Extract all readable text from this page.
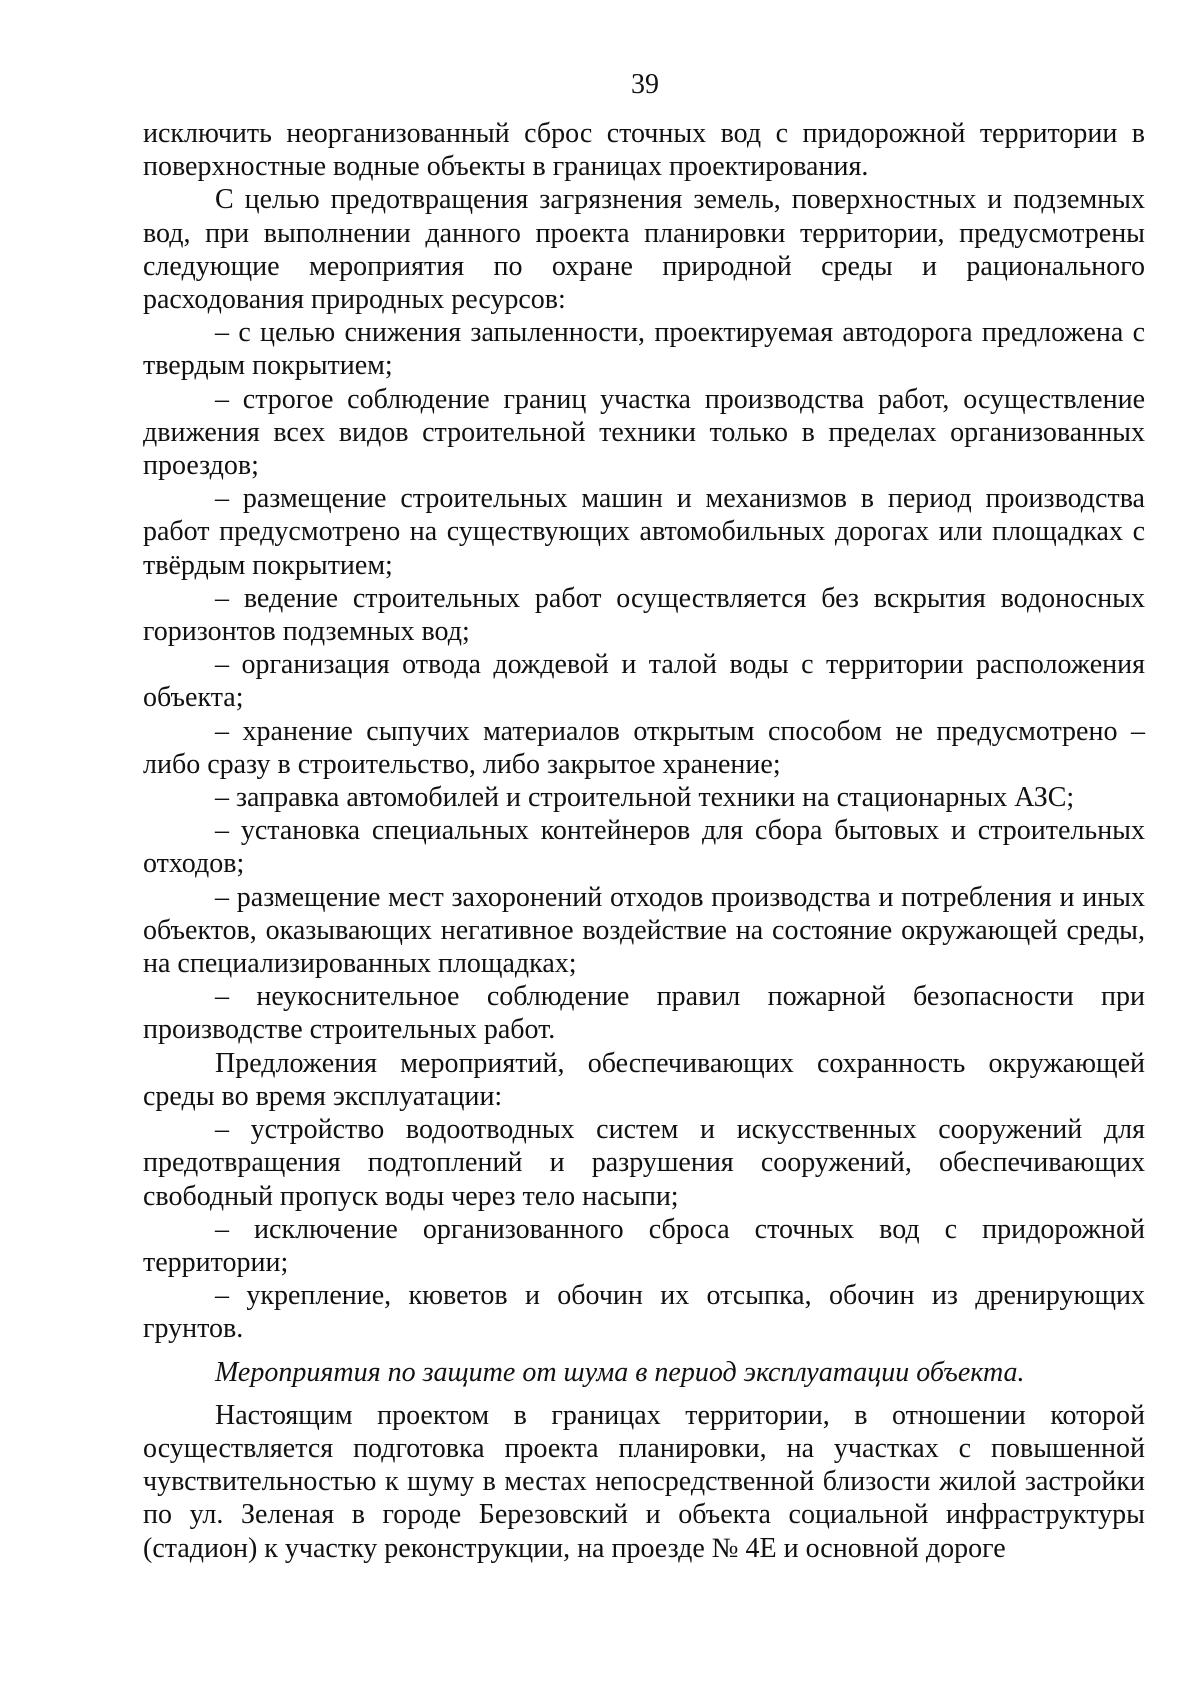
39

исключить неорганизованный сброс сточных вод с придорожной территории в поверхностные водные объекты в границах проектирования.

С целью предотвращения загрязнения земель, поверхностных и подземных вод, при выполнении данного проекта планировки территории, предусмотрены следующие мероприятия по охране природной среды и рационального расходования природных ресурсов:

– с целью снижения запыленности, проектируемая автодорога предложена с твердым покрытием;

– строгое соблюдение границ участка производства работ, осуществление движения всех видов строительной техники только в пределах организованных проездов;

– размещение строительных машин и механизмов в период производства работ предусмотрено на существующих автомобильных дорогах или площадках с твёрдым покрытием;

– ведение строительных работ осуществляется без вскрытия водоносных горизонтов подземных вод;

– организация отвода дождевой и талой воды с территории расположения объекта;

– хранение сыпучих материалов открытым способом не предусмотрено – либо сразу в строительство, либо закрытое хранение;

– заправка автомобилей и строительной техники на стационарных АЗС;

– установка специальных контейнеров для сбора бытовых и строительных отходов;

– размещение мест захоронений отходов производства и потребления и иных объектов, оказывающих негативное воздействие на состояние окружающей среды, на специализированных площадках;

– неукоснительное соблюдение правил пожарной безопасности при производстве строительных работ.

Предложения мероприятий, обеспечивающих сохранность окружающей среды во время эксплуатации:

– устройство водоотводных систем и искусственных сооружений для предотвращения подтоплений и разрушения сооружений, обеспечивающих свободный пропуск воды через тело насыпи;

– исключение организованного сброса сточных вод с придорожной территории;

– укрепление, кюветов и обочин их отсыпка, обочин из дренирующих грунтов.

Мероприятия по защите от шума в период эксплуатации объекта.

Настоящим проектом в границах территории, в отношении которой осуществляется подготовка проекта планировки, на участках с повышенной чувствительностью к шуму в местах непосредственной близости жилой застройки по ул. Зеленая в городе Березовский и объекта социальной инфраструктуры (стадион) к участку реконструкции, на проезде № 4Е и основной дороге
